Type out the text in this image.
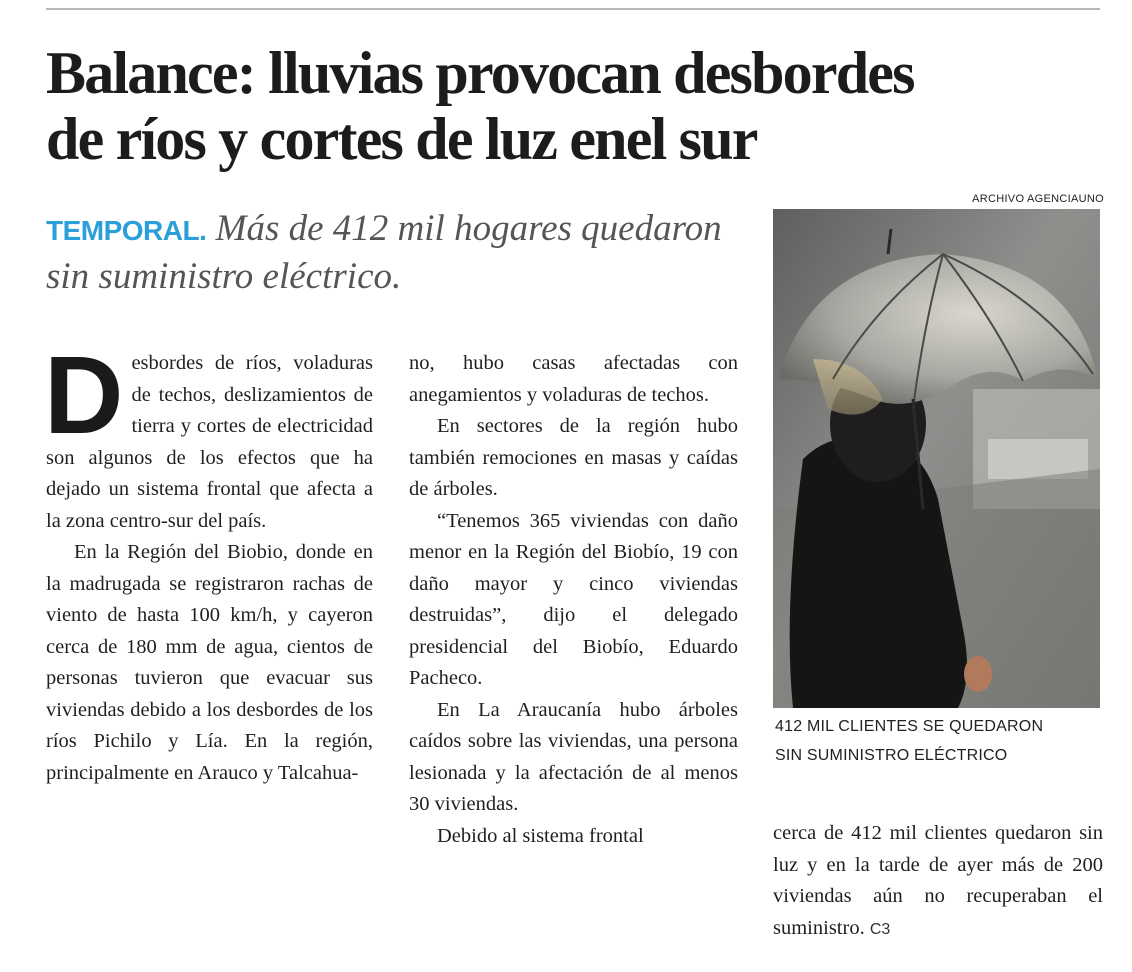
Balance: lluvias provocan desbordes
de ríos y cortes de luz enel sur
ARCHIVO AGENCIAUNO
TEMPORAL. Más de 412 mil hogares quedaron sin suministro eléctrico.

D esbordes de ríos, voladuras de techos, deslizamientos de tierra y cortes de electricidad son algunos de los efectos que ha dejado un sistema frontal que afecta a la zona centro-sur del país.

En la Región del Biobio, donde en la madrugada se registraron rachas de viento de hasta 100 km/h, y cayeron cerca de 180 mm de agua, cientos de personas tuvieron que evacuar sus viviendas debido a los desbordes de los ríos Pichilo y Lía. En la región, principalmente en Arauco y Talcahua-

no, hubo casas afectadas con anegamientos y voladuras de techos.

En sectores de la región hubo también remociones en masas y caídas de árboles.

“Tenemos 365 viviendas con daño menor en la Región del Biobío, 19 con daño mayor y cinco viviendas destruidas”, dijo el delegado presidencial del Biobío, Eduardo Pacheco.

En La Araucanía hubo árboles caídos sobre las viviendas, una persona lesionada y la afectación de al menos 30 viviendas.

Debido al sistema frontal

412 MIL CLIENTES SE QUEDARON
SIN SUMINISTRO ELÉCTRICO

cerca de 412 mil clientes quedaron sin luz y en la tarde de ayer más de 200 viviendas aún no recuperaban el suministro. C3
